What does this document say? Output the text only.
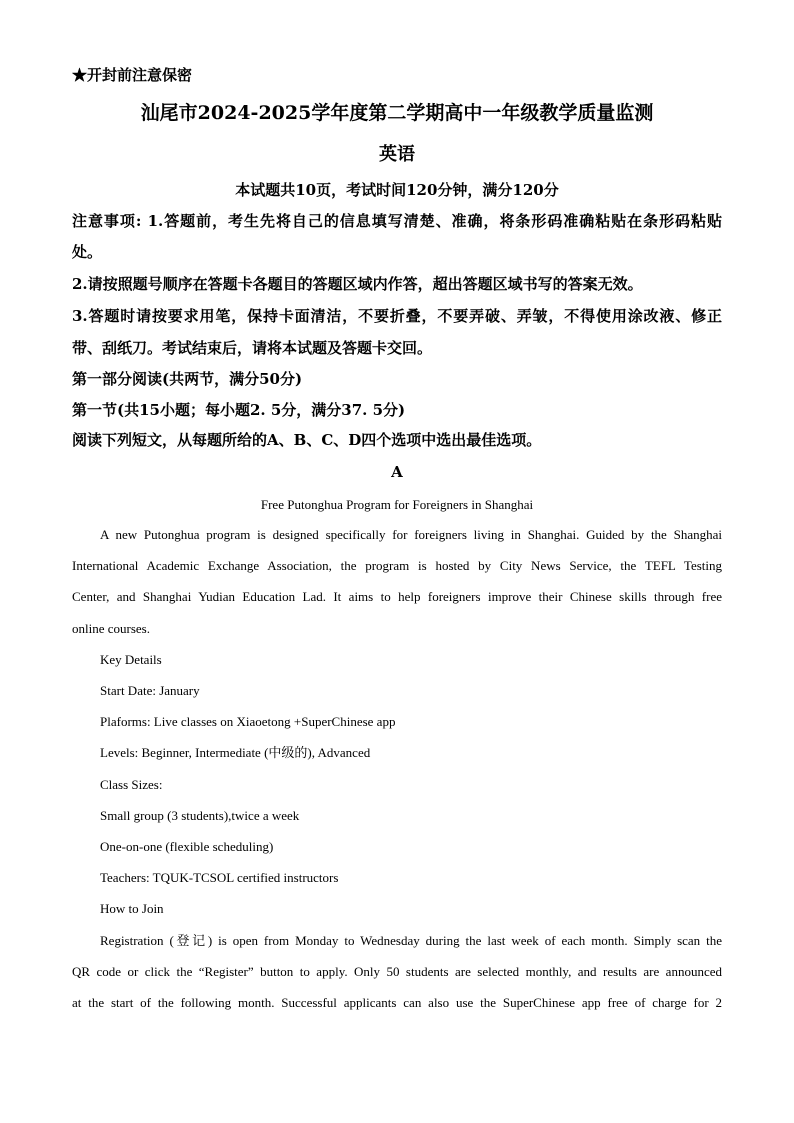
★开封前注意保密
汕尾市2024-2025学年度第二学期高中一年级教学质量监测
英语
本试题共10页，考试时间120分钟，满分120分
注意事项: 1.答题前，考生先将自己的信息填写清楚、准确，将条形码准确粘贴在条形码粘贴
处。
2.请按照题号顺序在答题卡各题目的答题区域内作答，超出答题区域书写的答案无效。
3.答题时请按要求用笔，保持卡面清洁，不要折叠，不要弄破、弄皱，不得使用涂改液、修正
带、刮纸刀。考试结束后，请将本试题及答题卡交回。
第一部分阅读(共两节，满分50分)
第一节(共15小题；每小题2. 5分，满分37. 5分)
阅读下列短文，从每题所给的A、B、C、D四个选项中选出最佳选项。
A
Free Putonghua Program for Foreigners in Shanghai
A new Putonghua program is designed specifically for foreigners living in Shanghai. Guided by the Shanghai
International Academic Exchange Association, the program is hosted by City News Service, the TEFL Testing
Center, and Shanghai Yudian Education Lad. It aims to help foreigners improve their Chinese skills through free
online courses.
Key Details
Start Date: January
Plaforms: Live classes on Xiaoetong +SuperChinese app
Levels: Beginner, Intermediate (中级的), Advanced
Class Sizes:
Small group (3 students),twice a week
One-on-one (flexible scheduling)
Teachers: TQUK-TCSOL certified instructors
How to Join
Registration (登记) is open from Monday to Wednesday during the last week of each month. Simply scan the
QR code or click the “Register” button to apply. Only 50 students are selected monthly, and results are announced
at the start of the following month. Successful applicants can also use the SuperChinese app free of charge for 2
